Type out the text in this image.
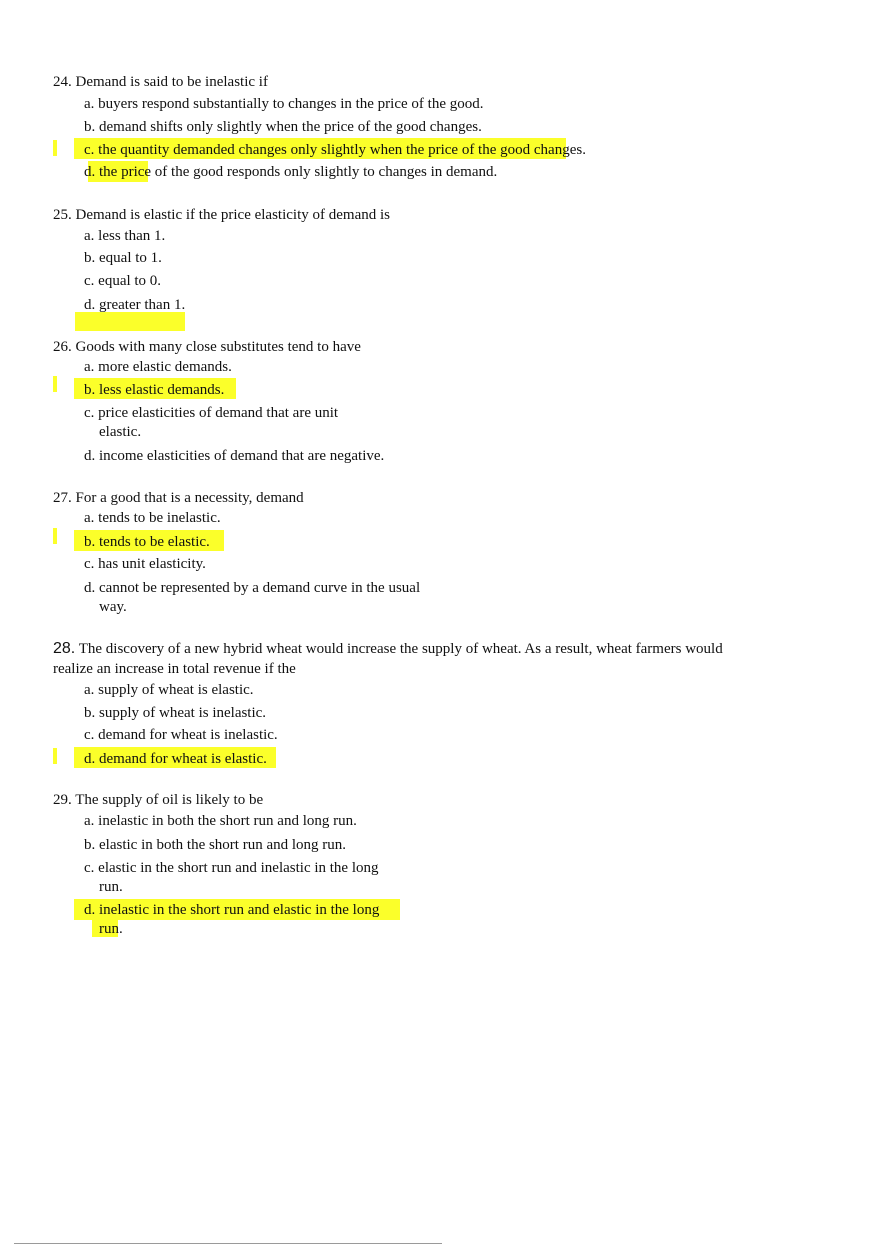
24. Demand is said to be inelastic if
a. buyers respond substantially to changes in the price of the good.
b. demand shifts only slightly when the price of the good changes.
c. the quantity demanded changes only slightly when the price of the good changes.
d. the price of the good responds only slightly to changes in demand.
25. Demand is elastic if the price elasticity of demand is
a. less than 1.
b. equal to 1.
c. equal to 0.
d. greater than 1.
26. Goods with many close substitutes tend to have
a. more elastic demands.
b. less elastic demands.
c. price elasticities of demand that are unit
elastic.
d. income elasticities of demand that are negative.
27. For a good that is a necessity, demand
a. tends to be inelastic.
b. tends to be elastic.
c. has unit elasticity.
d. cannot be represented by a demand curve in the usual
way.
28. The discovery of a new hybrid wheat would increase the supply of wheat. As a result, wheat farmers would
realize an increase in total revenue if the
a. supply of wheat is elastic.
b. supply of wheat is inelastic.
c. demand for wheat is inelastic.
d. demand for wheat is elastic.
29. The supply of oil is likely to be
a. inelastic in both the short run and long run.
b. elastic in both the short run and long run.
c. elastic in the short run and inelastic in the long
run.
d. inelastic in the short run and elastic in the long
run.
